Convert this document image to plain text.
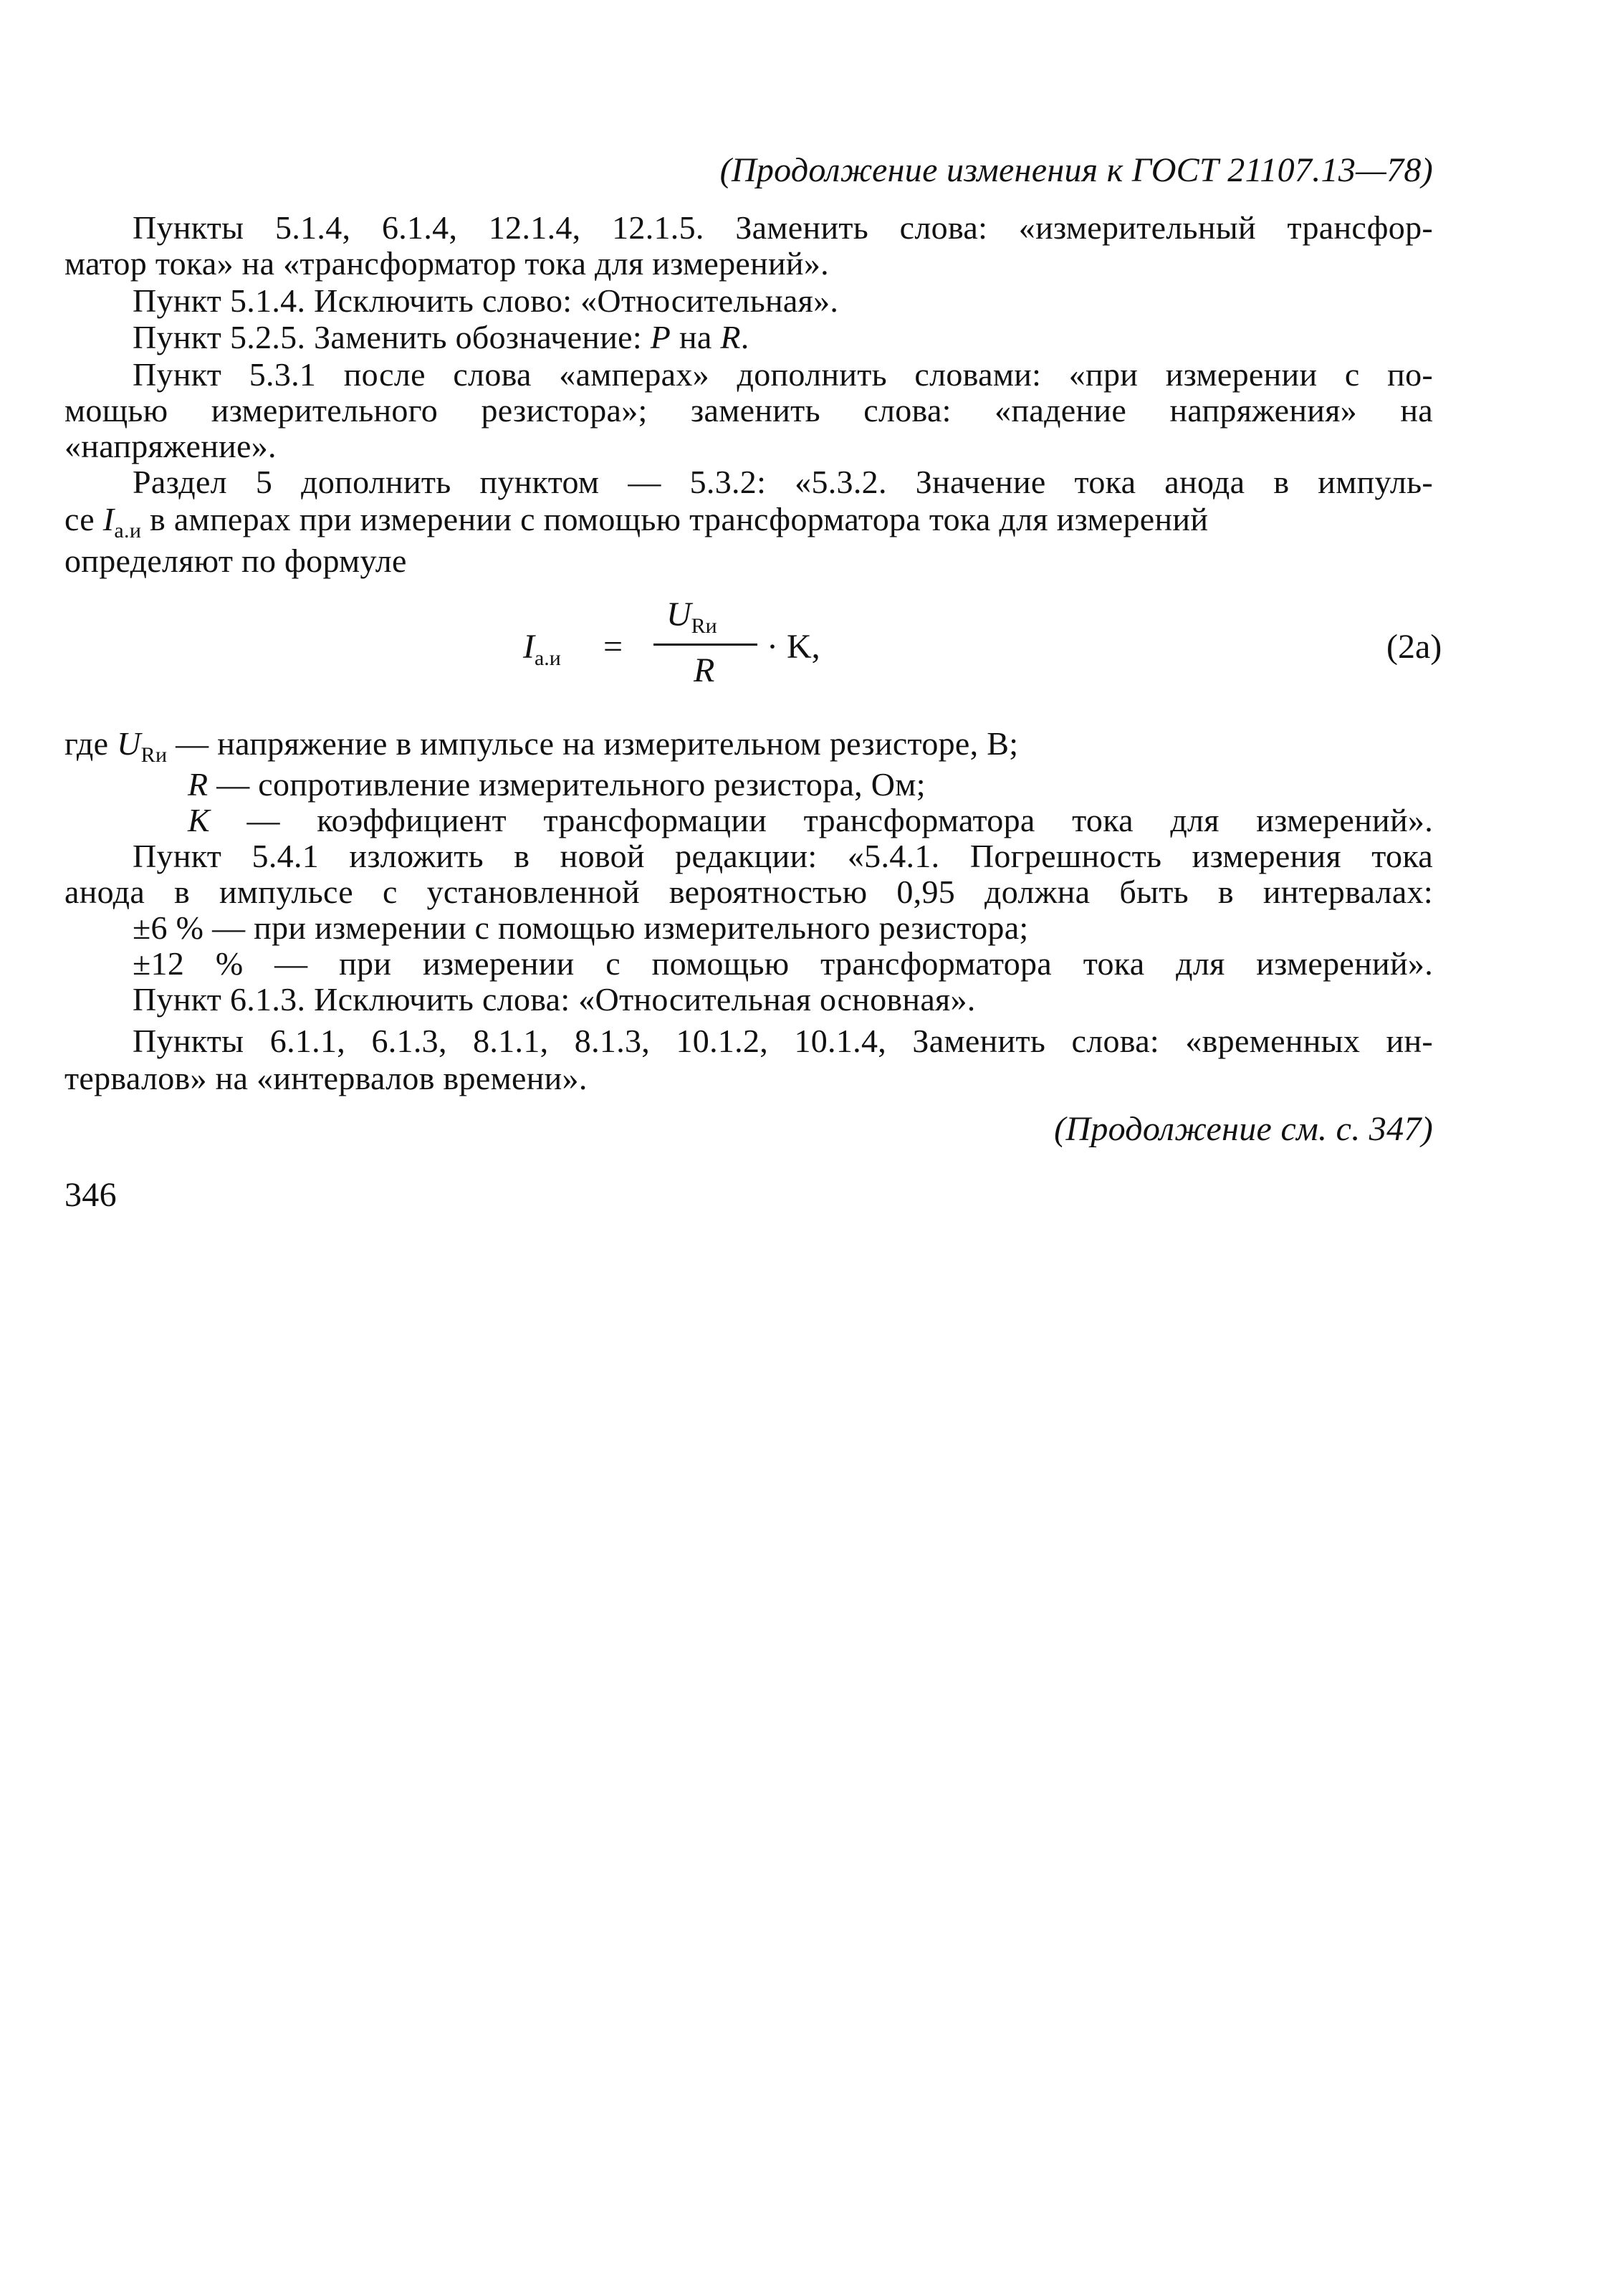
(Продолжение изменения к ГОСТ 21107.13—78)
Пункты 5.1.4, 6.1.4, 12.1.4, 12.1.5. Заменить слова: «измерительный трансфор-
матор тока» на «трансформатор тока для измерений».
Пункт 5.1.4. Исключить слово: «Относительная».
Пункт 5.2.5. Заменить обозначение: P на R.
Пункт 5.3.1 после слова «амперах» дополнить словами: «при измерении с по-
мощью измерительного резистора»; заменить слова: «падение напряжения» на
«напряжение».
Раздел 5 дополнить пунктом — 5.3.2: «5.3.2. Значение тока анода в импуль-
се $I_{а.и}$ в амперах при измерении с помощью трансформатора тока для измерений
определяют по формуле
$I_{а.и}$ =
$U_{Rи}$
R
· K,	(2а)
где $U_{Rи}$ — напряжение в импульсе на измерительном резисторе, В;
R — сопротивление измерительного резистора, Ом;
K — коэффициент трансформации трансформатора тока для измерений».
Пункт 5.4.1 изложить в новой редакции: «5.4.1. Погрешность измерения тока
анода в импульсе с установленной вероятностью 0,95 должна быть в интервалах:
±6 % — при измерении с помощью измерительного резистора;
±12 % — при измерении с помощью трансформатора тока для измерений».
Пункт 6.1.3. Исключить слова: «Относительная основная».
Пункты 6.1.1, 6.1.3, 8.1.1, 8.1.3, 10.1.2, 10.1.4, Заменить слова: «временных ин-
тервалов» на «интервалов времени».
(Продолжение см. с. 347)
346
